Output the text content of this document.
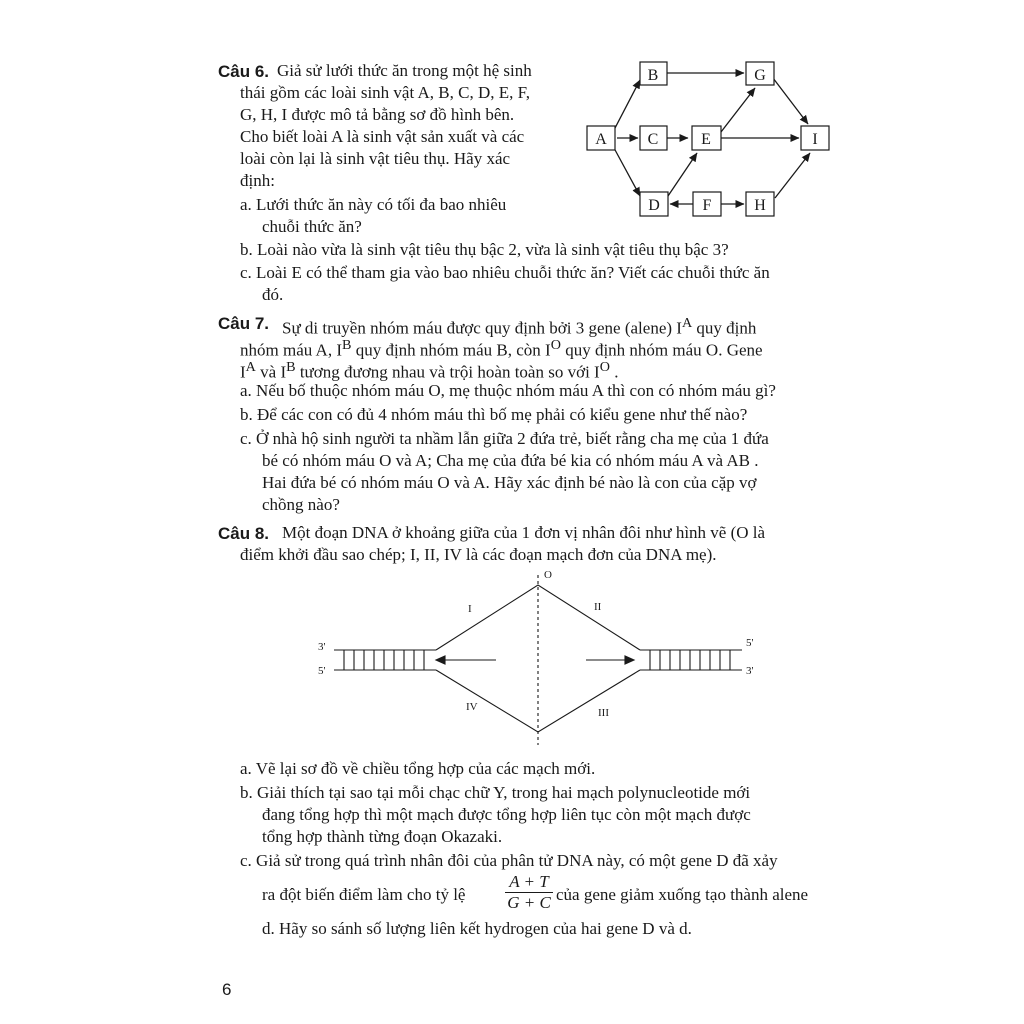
Câu 6. Giả sử lưới thức ăn trong một hệ sinh
thái gồm các loài sinh vật A, B, C, D, E, F,
G, H, I được mô tả bằng sơ đồ hình bên.
Cho biết loài A là sinh vật sản xuất và các
loài còn lại là sinh vật tiêu thụ. Hãy xác
định:
a. Lưới thức ăn này có tối đa bao nhiêu
chuỗi thức ăn?
b. Loài nào vừa là sinh vật tiêu thụ bậc 2, vừa là sinh vật tiêu thụ bậc 3?
c. Loài E có thể tham gia vào bao nhiêu chuỗi thức ăn? Viết các chuỗi thức ăn
đó.
A
B
C
D
E
F
G
H
I
Câu 7. Sự di truyền nhóm máu được quy định bởi 3 gene (alene) $I^A$ quy định
nhóm máu A, $I^B$ quy định nhóm máu B, còn $I^O$ quy định nhóm máu O. Gene
$I^A$ và $I^B$ tương đương nhau và trội hoàn toàn so với $I^O$ .
a. Nếu bố thuộc nhóm máu O, mẹ thuộc nhóm máu A thì con có nhóm máu gì?
b. Để các con có đủ 4 nhóm máu thì bố mẹ phải có kiểu gene như thế nào?
c. Ở nhà hộ sinh người ta nhầm lẫn giữa 2 đứa trẻ, biết rằng cha mẹ của 1 đứa
bé có nhóm máu O và A; Cha mẹ của đứa bé kia có nhóm máu A và AB .
Hai đứa bé có nhóm máu O và A. Hãy xác định bé nào là con của cặp vợ
chồng nào?
Câu 8. Một đoạn DNA ở khoảng giữa của 1 đơn vị nhân đôi như hình vẽ (O là
điểm khởi đầu sao chép; I, II, IV là các đoạn mạch đơn của DNA mẹ).
O
I	II
III
IV
3'
5'
5'
3'
a. Vẽ lại sơ đồ về chiều tổng hợp của các mạch mới.
b. Giải thích tại sao tại mỗi chạc chữ Y, trong hai mạch polynucleotide mới
đang tổng hợp thì một mạch được tổng hợp liên tục còn một mạch được
tổng hợp thành từng đoạn Okazaki.
c. Giả sử trong quá trình nhân đôi của phân tử DNA này, có một gene D đã xảy
ra đột biến điểm làm cho tỷ lệ $\frac{A + T}{G + C}$ của gene giảm xuống tạo thành alene
d. Hãy so sánh số lượng liên kết hydrogen của hai gene D và d.
6
